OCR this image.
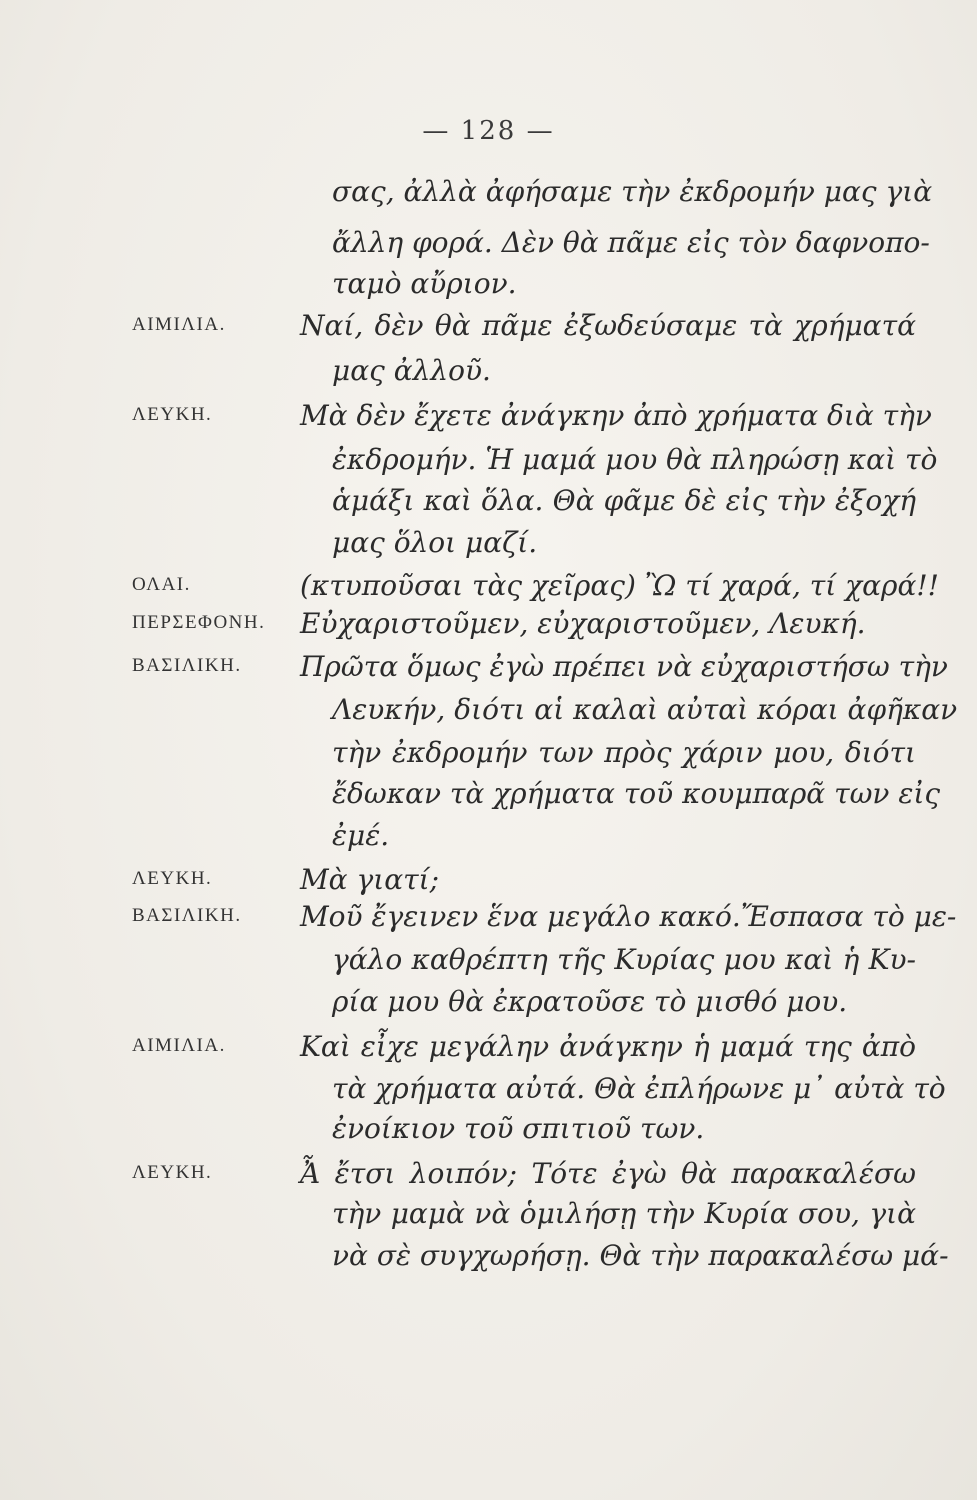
— 128 —
σας, ἀλλὰ ἀφήσαμε τὴν ἐκδρομήν μας γιὰ
ἄλλη φορά. Δὲν θὰ πᾶμε εἰς τὸν δαφνοπο-
ταμὸ αὔριον.
ΑΙΜΙΛΙΑ.	Ναί, δὲν θὰ πᾶμε ἐξωδεύσαμε τὰ χρήματά
μας ἀλλοῦ.
ΛΕΥΚΗ.	Μὰ δὲν ἔχετε ἀνάγκην ἀπὸ χρήματα διὰ τὴν
ἐκδρομήν. Ἡ μαμά μου θὰ πληρώσῃ καὶ τὸ
ἁμάξι καὶ ὅλα. Θὰ φᾶμε δὲ εἰς τὴν ἐξοχή
μας ὅλοι μαζί.
ΟΛΑΙ.	(κτυποῦσαι τὰς χεῖρας) Ὢ τί χαρά, τί χαρά!!
ΠΕΡΣΕΦΟΝΗ. Εὐχαριστοῦμεν, εὐχαριστοῦμεν, Λευκή.
ΒΑΣΙΛΙΚΗ. Πρῶτα ὅμως ἐγὼ πρέπει νὰ εὐχαριστήσω τὴν
Λευκήν, διότι αἱ καλαὶ αὐταὶ κόραι ἀφῆκαν
τὴν ἐκδρομήν των πρὸς χάριν μου, διότι
ἔδωκαν τὰ χρήματα τοῦ κουμπαρᾶ των εἰς
ἐμέ.
ΛΕΥΚΗ.	Μὰ γιατί;
ΒΑΣΙΛΙΚΗ. Μοῦ ἔγεινεν ἕνα μεγάλο κακό.Ἔσπασα τὸ με-
γάλο καθρέπτη τῆς Κυρίας μου καὶ ἡ Κυ-
ρία μου θὰ ἐκρατοῦσε τὸ μισθό μου.
ΑΙΜΙΛΙΑ.	Καὶ εἶχε μεγάλην ἀνάγκην ἡ μαμά της ἀπὸ
τὰ χρήματα αὐτά. Θὰ ἐπλήρωνε μ᾽ αὐτὰ τὸ
ἐνοίκιον τοῦ σπιτιοῦ των.
ΛΕΥΚΗ.	Ἆ ἔτσι λοιπόν; Τότε ἐγὼ θὰ παρακαλέσω
τὴν μαμὰ νὰ ὁμιλήσῃ τὴν Κυρία σου, γιὰ
νὰ σὲ συγχωρήσῃ. Θὰ τὴν παρακαλέσω μά-
